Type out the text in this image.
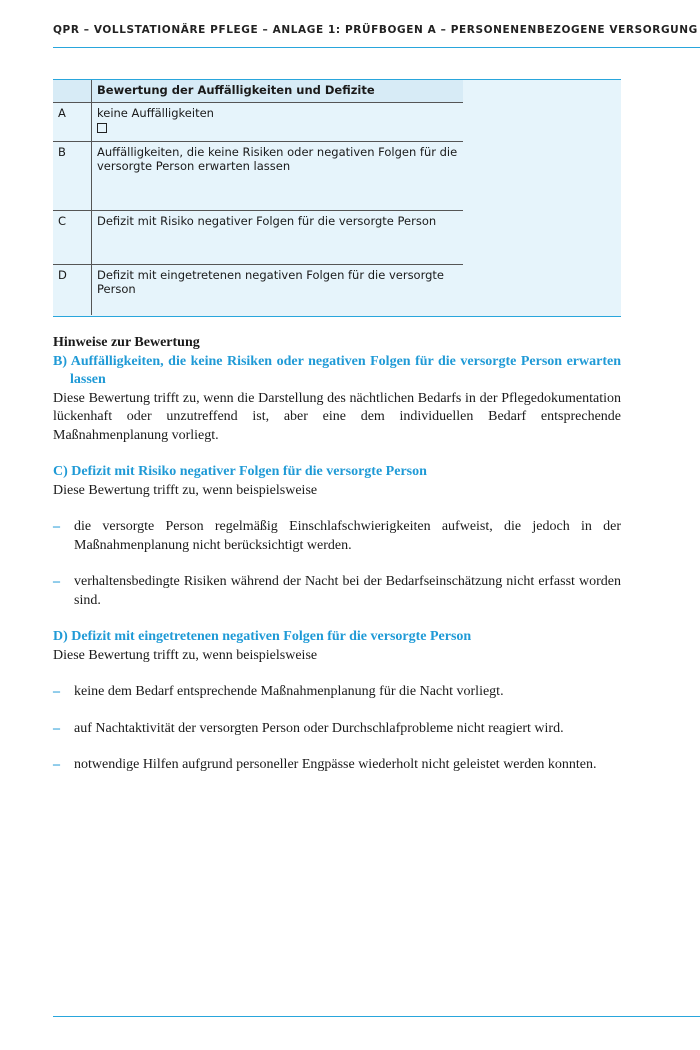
QPR – VOLLSTATIONÄRE PFLEGE – ANLAGE 1: PRÜFBOGEN A – PERSONENENBEZOGENE VERSORGUNG
	Bewertung der Auffälligkeiten und Defizite
A	keine Auffälligkeiten

B	Auffälligkeiten, die keine Risiken oder negativen Folgen für die versorgte Person erwarten lassen
C	Defizit mit Risiko negativer Folgen für die versorgte Person
D	Defizit mit eingetretenen negativen Folgen für die versorgte Person

Hinweise zur Bewertung

B) Auffälligkeiten, die keine Risiken oder negativen Folgen für die versorgte Person erwarten lassen

Diese Bewertung trifft zu, wenn die Darstellung des nächtlichen Bedarfs in der Pflegedokumentation lückenhaft oder unzutreffend ist, aber eine dem individuellen Bedarf entsprechende Maßnahmenplanung vorliegt.

C) Defizit mit Risiko negativer Folgen für die versorgte Person

Diese Bewertung trifft zu, wenn beispielsweise

– die versorgte Person regelmäßig Einschlafschwierigkeiten aufweist, die jedoch in der Maßnahmenplanung nicht berücksichtigt werden.
– verhaltensbedingte Risiken während der Nacht bei der Bedarfseinschätzung nicht erfasst worden sind.

D) Defizit mit eingetretenen negativen Folgen für die versorgte Person

Diese Bewertung trifft zu, wenn beispielsweise

– keine dem Bedarf entsprechende Maßnahmenplanung für die Nacht vorliegt.
– auf Nachtaktivität der versorgten Person oder Durchschlafprobleme nicht reagiert wird.
– notwendige Hilfen aufgrund personeller Engpässe wiederholt nicht geleistet werden konnten.
